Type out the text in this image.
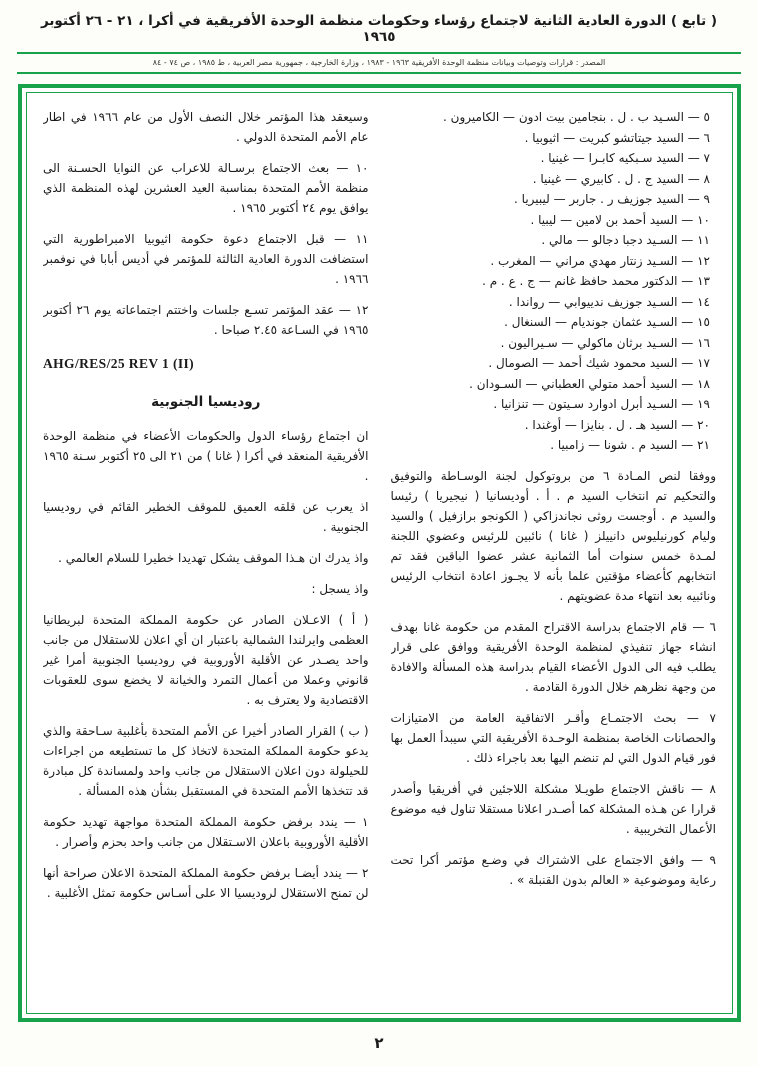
( تابع ) الدورة العادية الثانية لاجتماع رؤساء وحكومات منظمة الوحدة الأفريقية في أكرا ، ٢١ - ٢٦ أكتوبر ١٩٦٥
المصدر : قرارات وتوصيات وبيانات منظمة الوحدة الأفريقية ١٩٦٣ - ١٩٨٣ ، وزارة الخارجية ، جمهورية مصر العربية ، ط ١٩٨٥ ، ص ٧٤ - ٨٤
٥ — السـيد ب . ل . بنجامين بيت ادون — الكاميرون .
٦ — السيد جيتاتشو كبريت — اثيوبيا .
٧ — السيد سـبكيه كابـرا — غينيا .
٨ — السيد ج . ل . كابيري — غينيا .
٩ — السيد جوزيف ر . جاربر — ليبيريا .
١٠ — السيد أحمد بن لامين — ليبيا .
١١ — السـيد دجبا دجالو — مالي .
١٢ — السـيد زنتار مهدي مراني — المغرب .
١٣ — الدكتور محمد حافظ غانم — ج . ع . م .
١٤ — السـيد جوزيف ندييوابي — رواندا .
١٥ — السـيد عثمان جونديام — السنغال .
١٦ — السـيد برثان ماكولي — سـيراليون .
١٧ — السيد محمود شيك أحمد — الصومال .
١٨ — السيد أحمد متولي العطباني — السـودان .
١٩ — السـيد أبرل ادوارد سـيتون — تنزانيا .
٢٠ — السيد هـ . ل . بنايزا — أوغندا .
٢١ — السيد م . شونا — زامبيا .

ووفقا لنص المـادة ٦ من بروتوكول لجنة الوسـاطة والتوفيق والتحكيم تم انتخاب السيد م . أ . أوديسانيا ( نيجيريا ) رئيسا والسيد م . أوجست روثى نجاندزاكي ( الكونجو برازفيل ) والسيد وليام كورنيليوس دانييلز ( غانا ) نائبين للرئيس وعضوي اللجنة لمـدة خمس سنوات أما الثمانية عشر عضوا الباقين فقد تم انتخابهم كأعضاء مؤقتين علما بأنه لا يجـوز اعادة انتخاب الرئيس ونائبيه بعد انتهاء مدة عضويتهم .

٦ — قام الاجتماع بدراسة الاقتراح المقدم من حكومة غانا بهدف انشاء جهاز تنفيذي لمنظمة الوحدة الأفريقية ووافق على قرار يطلب فيه الى الدول الأعضاء القيام بدراسة هذه المسألة والافادة من وجهة نظرهم خلال الدورة القادمة .

٧ — بحث الاجتمـاع وأقـر الاتفاقية العامة من الامتيازات والحصانات الخاصة بمنظمة الوحـدة الأفريقية التي سيبدأ العمل بها فور قيام الدول التي لم تنضم اليها بعد باجراء ذلك .

٨ — ناقش الاجتماع طويـلا مشكلة اللاجئين في أفريقيا وأصدر قرارا عن هـذه المشكلة كما أصـدر اعلانا مستقلا تناول فيه موضوع الأعمال التخريبية .

٩ — وافق الاجتماع على الاشتراك في وضـع مؤتمر أكرا تحت رعاية وموضوعية « العالم بدون القنبلة » .

وسيعقد هذا المؤتمر خلال النصف الأول من عام ١٩٦٦ في اطار عام الأمم المتحدة الدولي .

١٠ — بعث الاجتماع برسـالة للاعراب عن النوايا الحسـنة الى منظمة الأمم المتحدة بمناسبة العيد العشرين لهذه المنظمة الذي يوافق يوم ٢٤ أكتوبر ١٩٦٥ .

١١ — قبل الاجتماع دعوة حكومة اثيوبيا الامبراطورية التي استضافت الدورة العادية الثالثة للمؤتمر في أديس أبابا في نوفمبر ١٩٦٦ .

١٢ — عقد المؤتمر تسـع جلسات واختتم اجتماعاته يوم ٢٦ أكتوبر ١٩٦٥ في السـاعة ٢.٤٥ صباحا .

AHG/RES/25 REV 1 (II)
روديسيا الجنوبية

ان اجتماع رؤساء الدول والحكومات الأعضاء في منظمة الوحدة الأفريقية المنعقد في أكرا ( غانا ) من ٢١ الى ٢٥ أكتوبر سـنة ١٩٦٥ .

اذ يعرب عن قلقه العميق للموقف الخطير القائم في روديسيا الجنوبية .

واذ يدرك ان هـذا الموقف يشكل تهديدا خطيرا للسلام العالمي .

واذ يسجل :

( أ ) الاعـلان الصادر عن حكومة المملكة المتحدة لبريطانيا العظمى وايرلندا الشمالية باعتبار ان أي اعلان للاستقلال من جانب واحد يصـدر عن الأقلية الأوروبية في روديسيا الجنوبية أمرا غير قانوني وعملا من أعمال التمرد والخيانة لا يخضع سوى للعقوبات الاقتصادية ولا يعترف به .

( ب ) القرار الصادر أخيرا عن الأمم المتحدة بأغلبية سـاحقة والذي يدعو حكومة المملكة المتحدة لاتخاذ كل ما تستطيعه من اجراءات للحيلولة دون اعلان الاستقلال من جانب واحد ولمساندة كل مبادرة قد تتخذها الأمم المتحدة في المستقبل بشأن هذه المسألة .

١ — يندد برفض حكومة المملكة المتحدة مواجهة تهديد حكومة الأقلية الأوروبية باعلان الاسـتقلال من جانب واحد بحزم وأصرار .

٢ — يندد أيضـا برفض حكومة المملكة المتحدة الاعلان صراحة أنها لن تمنح الاستقلال لروديسيا الا على أسـاس حكومة تمثل الأغلبية .

٢
